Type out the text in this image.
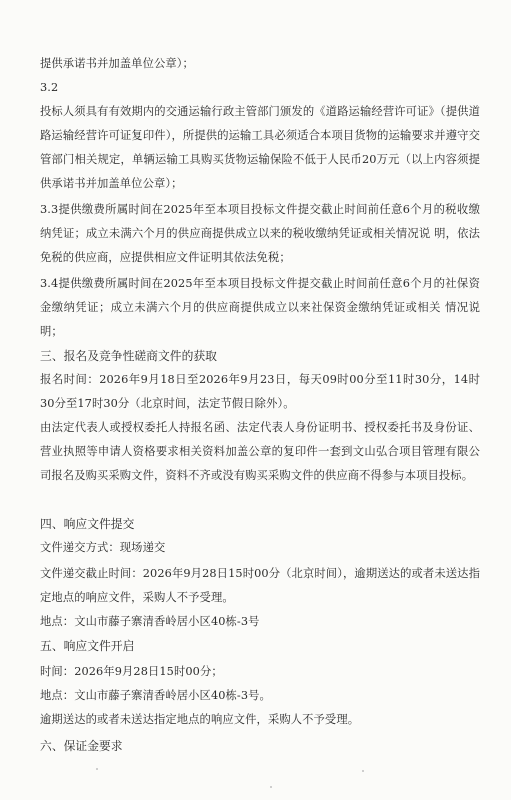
提供承诺书并加盖单位公章）；

3.2

投标人须具有有效期内的交通运输行政主管部门颁发的《道路运输经营许可证》（提供道路运输经营许可证复印件），所提供的运输工具必须适合本项目货物的运输要求并遵守交管部门相关规定，单辆运输工具购买货物运输保险不低于人民币20万元（以上内容须提供承诺书并加盖单位公章）；

3.3提供缴费所属时间在2025年至本项目投标文件提交截止时间前任意6个月的税收缴纳凭证；成立未满六个月的供应商提供成立以来的税收缴纳凭证或相关情况说 明，依法免税的供应商，应提供相应文件证明其依法免税；

3.4提供缴费所属时间在2025年至本项目投标文件提交截止时间前任意6个月的社保资金缴纳凭证；成立未满六个月的供应商提供成立以来社保资金缴纳凭证或相关 情况说明；

三、报名及竞争性磋商文件的获取

报名时间：2026年9月18日至2026年9月23日，每天09时00分至11时30分，14时30分至17时30分（北京时间，法定节假日除外）。

由法定代表人或授权委托人持报名函、法定代表人身份证明书、授权委托书及身份证、营业执照等申请人资格要求相关资料加盖公章的复印件一套到文山弘合项目管理有限公司报名及购买采购文件，资料不齐或没有购买采购文件的供应商不得参与本项目投标。

四、响应文件提交

文件递交方式：现场递交

文件递交截止时间：2026年9月28日15时00分（北京时间），逾期送达的或者未送达指定地点的响应文件，采购人不予受理。

地点：文山市藤子寨清香岭居小区40栋-3号

五、响应文件开启

时间：2026年9月28日15时00分；

地点：文山市藤子寨清香岭居小区40栋-3号。

逾期送达的或者未送达指定地点的响应文件，采购人不予受理。

六、保证金要求
